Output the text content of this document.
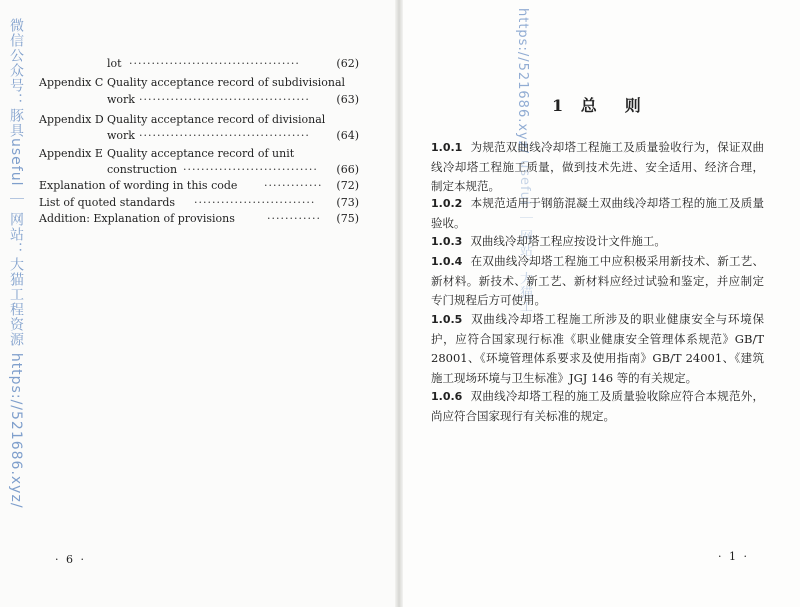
微信公众号：豚具useful ｜ 网站：大猫工程资源 https://521686.xyz/	https://521686.xyz/
useful ｜ 网站：大猫工
lot ······································	(62)
Appendix C Quality acceptance record of subdivisional
work ······································	(63)
Appendix D Quality acceptance record of divisional
work ······································	(64)
Appendix E Quality acceptance record of unit
construction ······························	(66)
Explanation of wording in this code ············· (72)
List of quoted standards ···························	(73)
Addition: Explanation of provisions	············ (75)
· 6 ·	· 1 ·
1 总　则
1.0.1 为规范双曲线冷却塔工程施工及质量验收行为，保证双曲线冷却塔工程施工质量，做到技术先进、安全适用、经济合理，制定本规范。
1.0.2 本规范适用于钢筋混凝土双曲线冷却塔工程的施工及质量验收。
1.0.3 双曲线冷却塔工程应按设计文件施工。
1.0.4 在双曲线冷却塔工程施工中应积极采用新技术、新工艺、新材料。新技术、新工艺、新材料应经过试验和鉴定，并应制定专门规程后方可使用。
1.0.5 双曲线冷却塔工程施工所涉及的职业健康安全与环境保护，应符合国家现行标准《职业健康安全管理体系规范》GB/T 28001、《环境管理体系要求及使用指南》GB/T 24001、《建筑施工现场环境与卫生标准》JGJ 146 等的有关规定。
1.0.6 双曲线冷却塔工程的施工及质量验收除应符合本规范外，尚应符合国家现行有关标准的规定。
